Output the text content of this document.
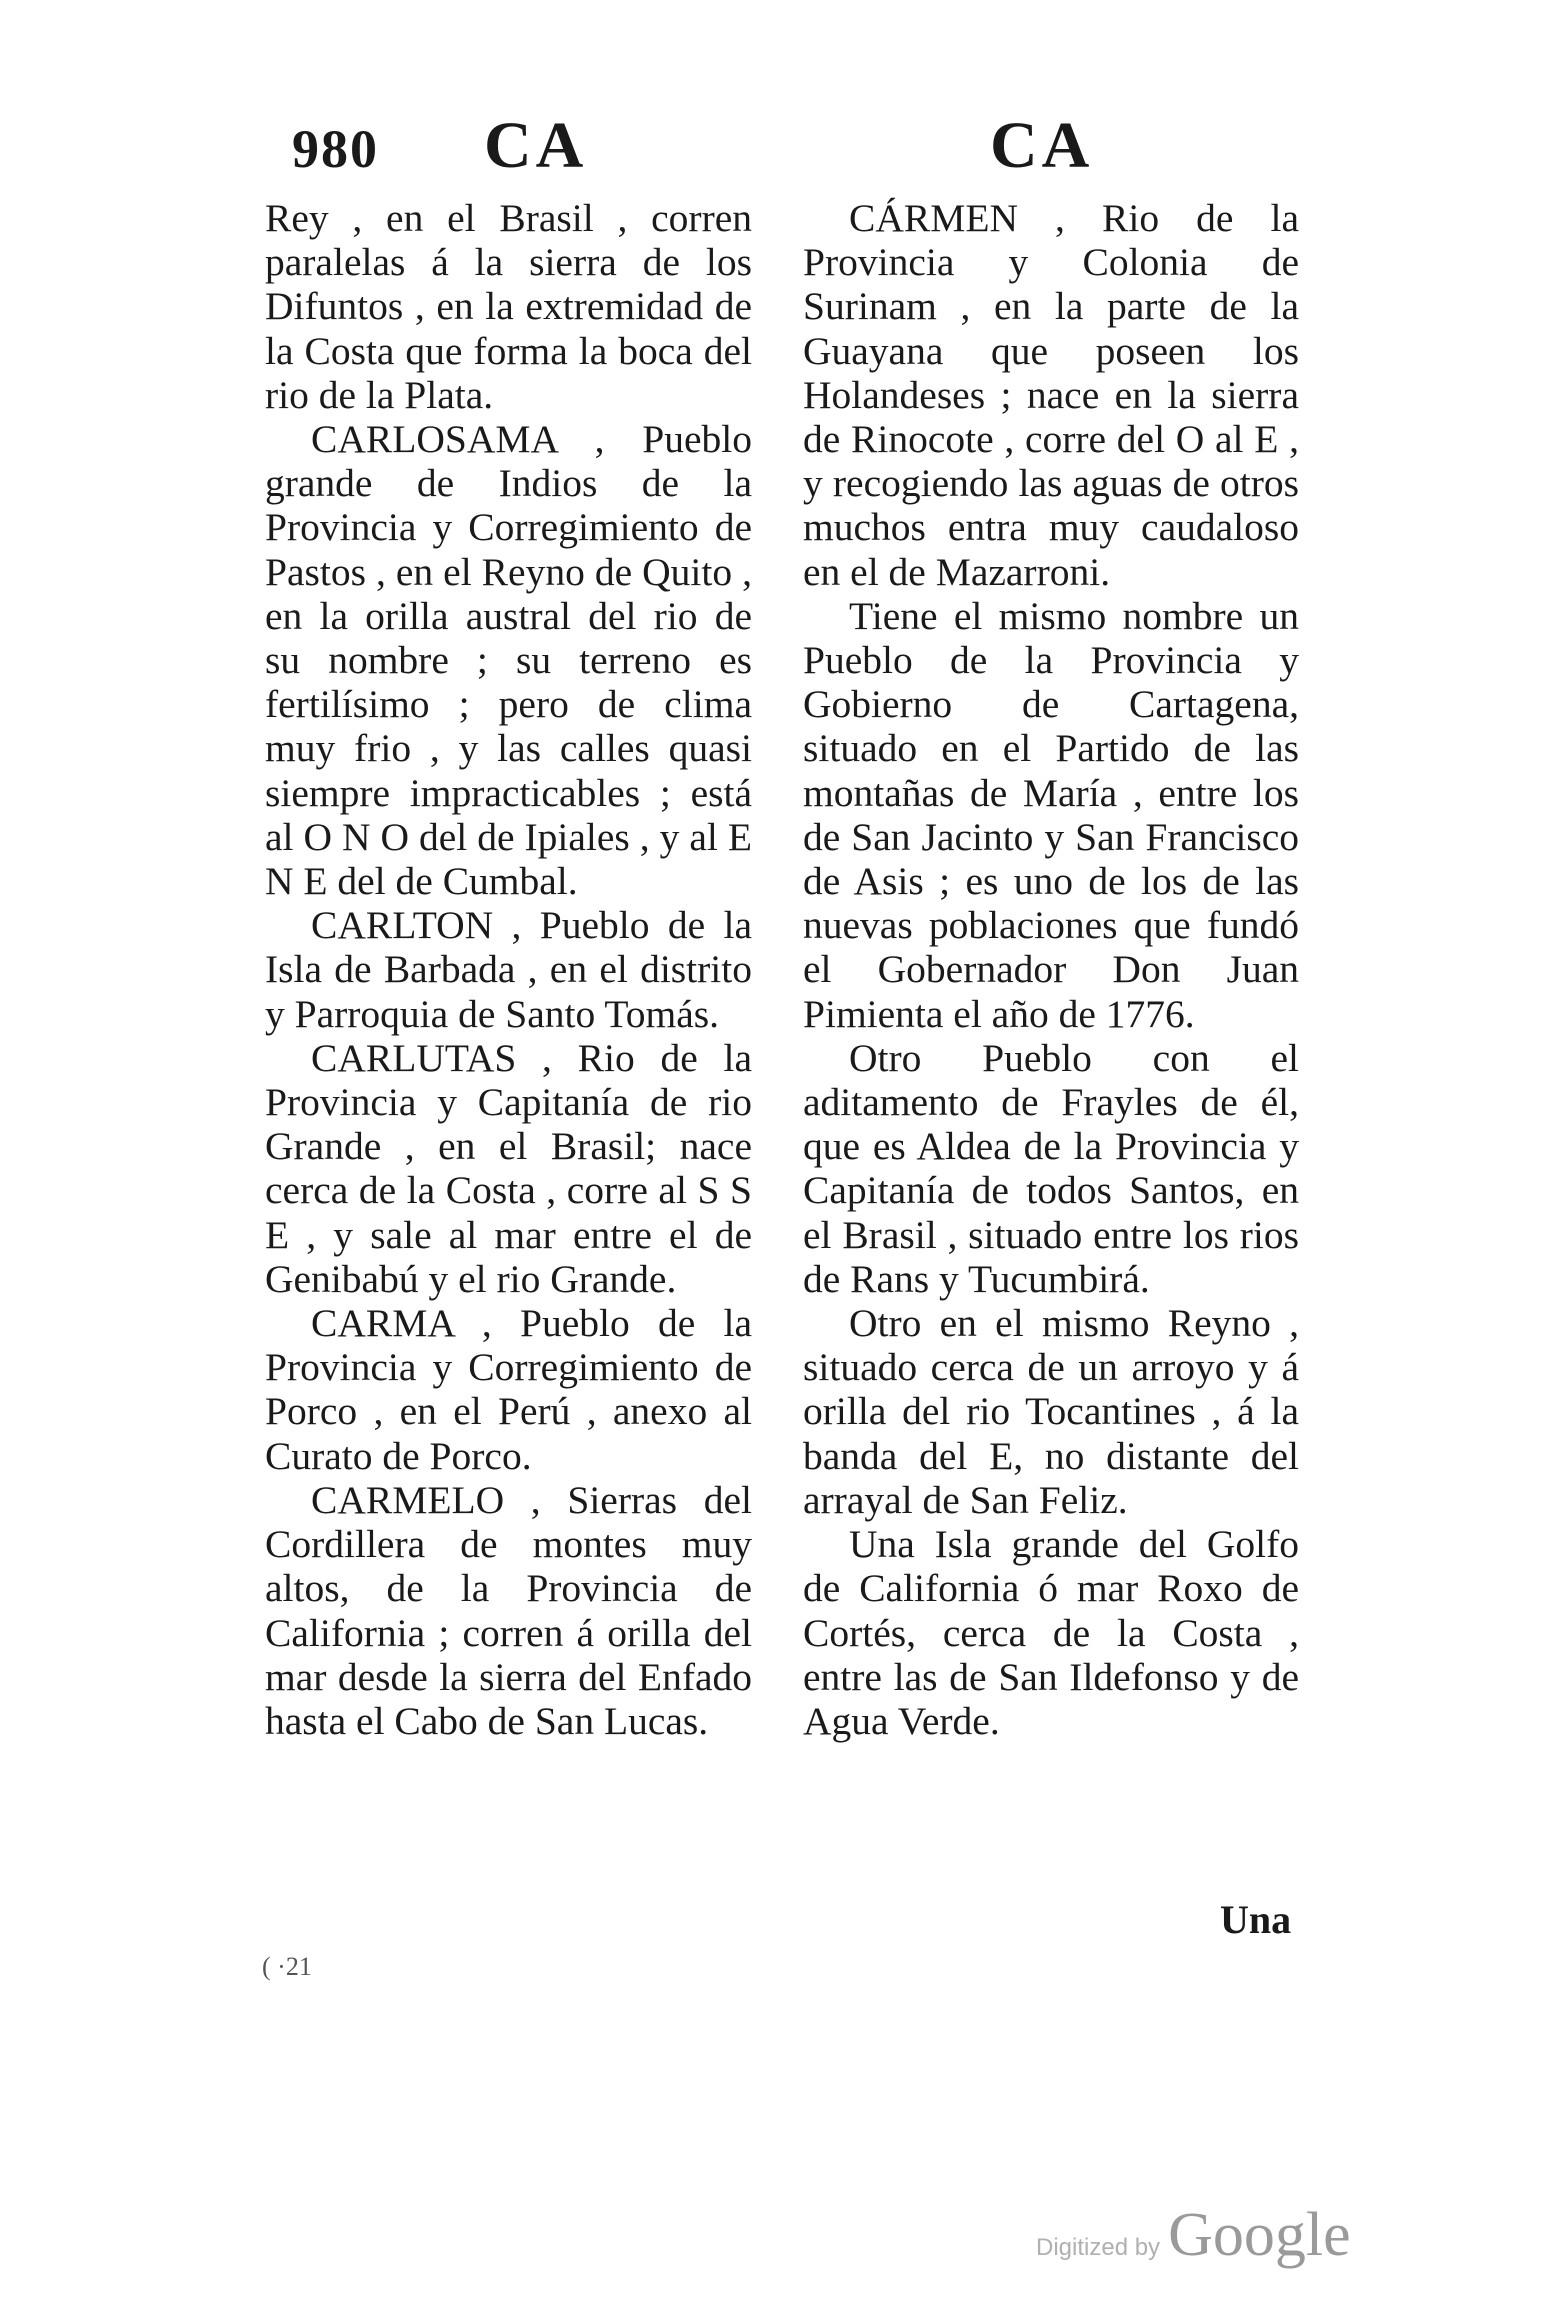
980 CA	CA

Rey , en el Brasil , corren paralelas á la sierra de los Difuntos , en la extremidad de la Costa que forma la boca del rio de la Plata.

CARLOSAMA , Pueblo grande de Indios de la Provincia y Corregimiento de Pastos , en el Reyno de Quito , en la orilla austral del rio de su nombre ; su terreno es fertilísimo ; pero de clima muy frio , y las calles quasi siempre impracticables ; está al O N O del de Ipiales , y al E N E del de Cumbal.

CARLTON , Pueblo de la Isla de Barbada , en el distrito y Parroquia de Santo Tomás.

CARLUTAS , Rio de la Provincia y Capitanía de rio Grande , en el Brasil; nace cerca de la Costa , corre al S S E , y sale al mar entre el de Genibabú y el rio Grande.

CARMA , Pueblo de la Provincia y Corregimiento de Porco , en el Perú , anexo al Curato de Porco.

CARMELO , Sierras del Cordillera de montes muy altos, de la Provincia de California ; corren á orilla del mar desde la sierra del Enfado hasta el Cabo de San Lucas.

CÁRMEN , Rio de la Provincia y Colonia de Surinam , en la parte de la Guayana que poseen los Holandeses ; nace en la sierra de Rinocote , corre del O al E , y recogiendo las aguas de otros muchos entra muy caudaloso en el de Mazarroni.

Tiene el mismo nombre un Pueblo de la Provincia y Gobierno de Cartagena, situado en el Partido de las montañas de María , entre los de San Jacinto y San Francisco de Asis ; es uno de los de las nuevas poblaciones que fundó el Gobernador Don Juan Pimienta el año de 1776.

Otro Pueblo con el aditamento de Frayles de él, que es Aldea de la Provincia y Capitanía de todos Santos, en el Brasil , situado entre los rios de Rans y Tucumbirá.

Otro en el mismo Reyno , situado cerca de un arroyo y á orilla del rio Tocantines , á la banda del E, no distante del arrayal de San Feliz.

Una Isla grande del Golfo de California ó mar Roxo de Cortés, cerca de la Costa , entre las de San Ildefonso y de Agua Verde.

Una
( ·21
Digitized by Google
